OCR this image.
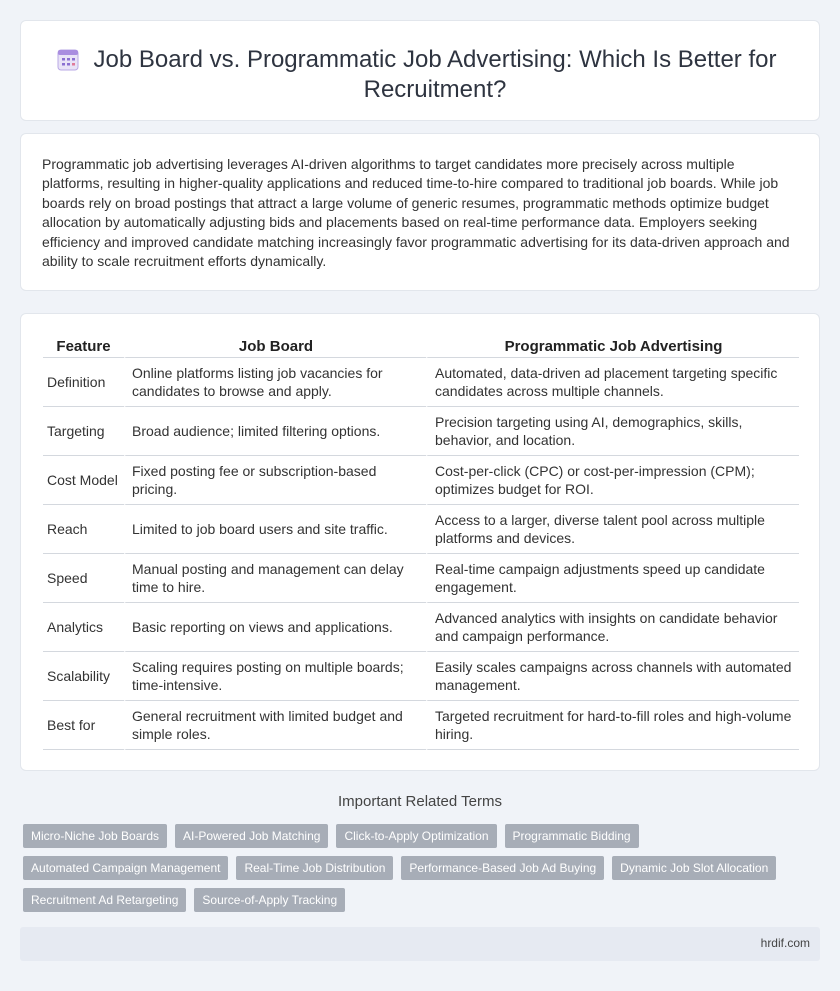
Job Board vs. Programmatic Job Advertising: Which Is Better for Recruitment?

Programmatic job advertising leverages AI-driven algorithms to target candidates more precisely across multiple platforms, resulting in higher-quality applications and reduced time-to-hire compared to traditional job boards. While job boards rely on broad postings that attract a large volume of generic resumes, programmatic methods optimize budget allocation by automatically adjusting bids and placements based on real-time performance data. Employers seeking efficiency and improved candidate matching increasingly favor programmatic advertising for its data-driven approach and ability to scale recruitment efforts dynamically.

Feature	Job Board	Programmatic Job Advertising
Definition	Online platforms listing job vacancies for candidates to browse and apply.	Automated, data-driven ad placement targeting specific candidates across multiple channels.
Targeting	Broad audience; limited filtering options.	Precision targeting using AI, demographics, skills, behavior, and location.
Cost Model	Fixed posting fee or subscription-based pricing.	Cost-per-click (CPC) or cost-per-impression (CPM); optimizes budget for ROI.
Reach	Limited to job board users and site traffic.	Access to a larger, diverse talent pool across multiple platforms and devices.
Speed	Manual posting and management can delay time to hire.	Real-time campaign adjustments speed up candidate engagement.
Analytics	Basic reporting on views and applications.	Advanced analytics with insights on candidate behavior and campaign performance.
Scalability	Scaling requires posting on multiple boards; time-intensive.	Easily scales campaigns across channels with automated management.
Best for	General recruitment with limited budget and simple roles.	Targeted recruitment for hard-to-fill roles and high-volume hiring.
Important Related Terms
Micro-Niche Job Boards	AI-Powered Job Matching	Click-to-Apply Optimization	Programmatic Bidding
Automated Campaign Management	Real-Time Job Distribution	Performance-Based Job Ad Buying	Dynamic Job Slot Allocation
Recruitment Ad Retargeting	Source-of-Apply Tracking
hrdif.com
